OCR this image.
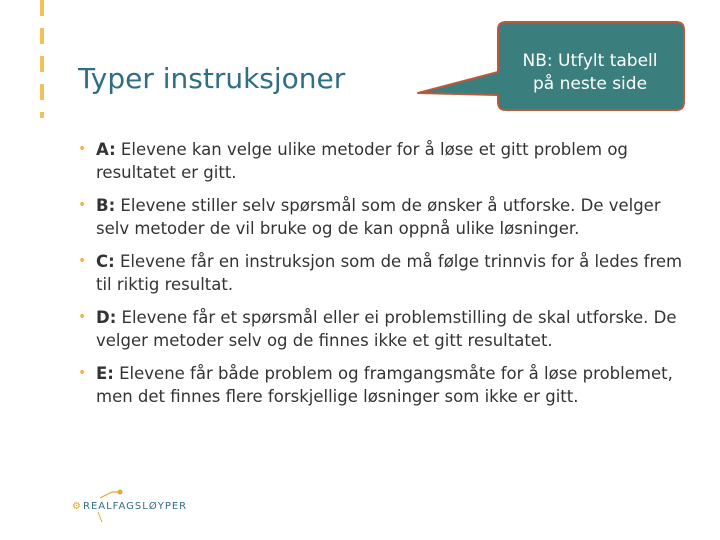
Typer instruksjoner
NB: Utfylt tabell
på neste side
• A: Elevene kan velge ulike metoder for å løse et gitt problem og resultatet er gitt.
• B: Elevene stiller selv spørsmål som de ønsker å utforske. De velger selv metoder de vil bruke og de kan oppnå ulike løsninger.
• C: Elevene får en instruksjon som de må følge trinnvis for å ledes frem til riktig resultat.
• D: Elevene får et spørsmål eller ei problemstilling de skal utforske. De velger metoder selv og de finnes ikke et gitt resultatet.
• E: Elevene får både problem og framgangsmåte for å løse problemet, men det finnes flere forskjellige løsninger som ikke er gitt.
⚙ REALFAGSLØYPER
